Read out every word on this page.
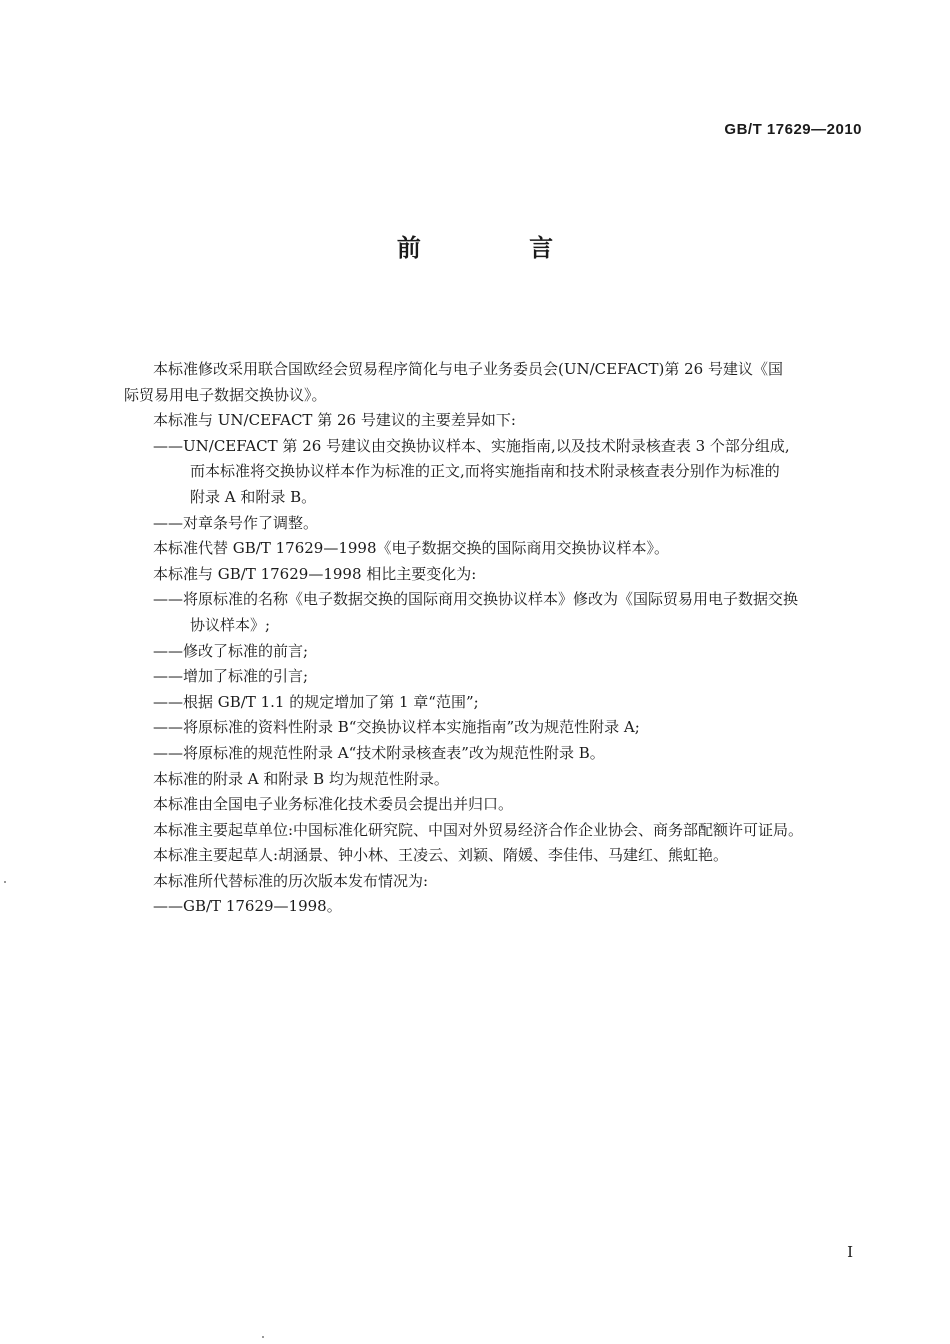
GB/T 17629—2010
前 言

本标准修改采用联合国欧经会贸易程序简化与电子业务委员会(UN/CEFACT)第 26 号建议《国

际贸易用电子数据交换协议》。

本标准与 UN/CEFACT 第 26 号建议的主要差异如下:

——UN/CEFACT 第 26 号建议由交换协议样本、实施指南,以及技术附录核查表 3 个部分组成,

而本标准将交换协议样本作为标准的正文,而将实施指南和技术附录核查表分别作为标准的

附录 A 和附录 B。

——对章条号作了调整。

本标准代替 GB/T 17629—1998《电子数据交换的国际商用交换协议样本》。

本标准与 GB/T 17629—1998 相比主要变化为:

——将原标准的名称《电子数据交换的国际商用交换协议样本》修改为《国际贸易用电子数据交换

协议样本》;

——修改了标准的前言;

——增加了标准的引言;

——根据 GB/T 1.1 的规定增加了第 1 章“范围”;

——将原标准的资料性附录 B“交换协议样本实施指南”改为规范性附录 A;

——将原标准的规范性附录 A“技术附录核查表”改为规范性附录 B。

本标准的附录 A 和附录 B 均为规范性附录。

本标准由全国电子业务标准化技术委员会提出并归口。

本标准主要起草单位:中国标准化研究院、中国对外贸易经济合作企业协会、商务部配额许可证局。

本标准主要起草人:胡涵景、钟小林、王凌云、刘颖、隋媛、李佳伟、马建红、熊虹艳。

本标准所代替标准的历次版本发布情况为:

——GB/T 17629—1998。

I
